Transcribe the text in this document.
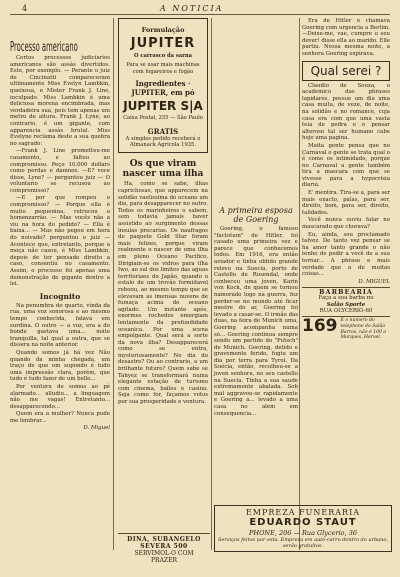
4	A NOTICIA
Processo americano

Certos processos judiciarios americanos são assás divertidos. Este, por exemplo. — Perante o juiz de Cincinatti compareceram ultimamente Miss Evelyn Lambkin, queixosa, e Mister Frank J. Line, inculpado. Miss Lambkin é uma deliciosa morena encimbrada, mas verdadeira sua, pois tem apenas um metro de altura. Frank J. Lyne, ao contrario, é um gigante, com apparencia assás brutal. Miss Evelyne reclama deste a sua quebra no sagrado:

—Frank J. Line prometteu-me casamento, e faltou ao compromisso. Peço 10.000 dollars como perdas e damnos. —E? voce disse, Lyne? — perguntou juiz — O voluntario se recusou ao compromisso?

—E por que rompeu o compromisso? — Porque ella é muito pequenina, retrucou o homenzarrão. — Mas vocês não a viu na hora do pedido? — Ella é baixa... — Mas não pegou em hora do noivado? perguntou o juiz — Acontece que, entretanto, porque a moça não casou, é Miss Lambkin, depois de ter pensado direito a caso, consentiu no casamento. Assim, o processo foi apenas uma demonstração de gigante dentro a lei.

Incognito

Na penumbra do quarto, vinda da rua, uma voz sonorosa e ao mesmo tempo conhecida, falava em surdina. O outro — a voz, era a do bonde gastava uma... noite tranquilla, tal qual a outra, que se dissera na noite anterior.

Quando somos já há vez Não quando da minha chegada, um traço de que em supondo é tudo uma impressão clara, porém, que tudo é tudo fazer de um bello...

Por ventura de somos ao pé alarmado... alludiu... a linguagem não me vagas! Entretanto... desapparecendo...

Quem era a mulher? Nunca pude me lembrar...

D. Miguel
Formulação
JUPITER
O carrasco da sarna
Para se usar mais machinas com fogareiros e fogão
Ingredientes · JUPITER, em pó
JUPITER S|A
Caixa Postal, 255 — São Paulo
GRATIS
A simples pedido receberá o Almanack Agricola 1935.
Os que viram nascer uma ilha

Ha, como se sabe, ilhas caprichosas, que apparecem na solidão vastissima do oceano um dia, para desapparecer no outro. Todos os marinheiros o sabem, sem todavia jamais haver assistido ao surgimento dessas insulas precarias. Os naufragos do paquete Gold Star foram mais felizes, porque viram realmente o nascer de uma ilha em pleno Oceano Pacifico. Dirigiam-se os vidros para ilha Iwo, ao sul dos limites das aguas territoriaes do Japão, quando o estalo de um trovão formidavel reboou, ao mesmo tempo que se elevavam as imensas nuvens de fumaça acima do oceano agitado. Um instante após, enormes rochedos emergiam lentamente da profundidade oceanica. Por uma scena empolgante. Qual será a sorte da nova ilha? Desapparecerá como se entra, mysteriosamente? No dia do desastre? Ou ao contrario, a um brilhante futuro? Quem sabe se Tahyez se transformará numa elegante estação de turismo com cinema, bailes e casino. Seja como for, façamos votos por sua prosperidade e ventura.

DINA, SUBANGELO
SEVERA 500
SERVIMOL-O COM
PRAZER
A primeira esposa de Goering

Goering, o famoso "factotum" de Hitler, foi casado uma primeira vez e parece que conhecemos todos. Em 1916, era então aviador e tinha obtido grande relevo na Suecia, porto de Castello de Rosendal, onde conheceu uma joven, Karin von Kock, de quem se tornou namorado logo na guerra, fez perder-se no mundo até ficar mestre do ar, Goering foi levado a casar-se. O irmão das duas, na feira de Munich uma, Goering acompanha numa só... Goering continua sempre sendo um partido do "Putsch" de Munich. Goering, detido e gravemente ferido, fugiu um dia por terra para Tyrol. Da Suécia, então, recolheu-se a joven senhora, no seu castello na Suecia. Tinha a sua saude extremamente abalada. Sob mal aggravou-se rapidamente e Goering a... levado a uma casa no alem em consequencia...

Era de Hitler e chamava Goering com urgencia a Berlim. —Deixe-me, vae, cumpre o seu dever! disse ella ao marido. Elle partiu. Nessa mesma noite, a senhora Goering expirava.

Qual serei ?

Claudio de Souza, o academico das phrases lapidares, possue um dia uma casa muita, de veze, de noite, na solidão e no romance, cuja casa era com que uma vasta teia de pedra e o pensar alteroso tal ser humano cabe hoje uma pagina.

Muita gente pensa que no Carnaval o gente se trata qual o é como os intimidado, porque no Carnaval a gente também tira a mascara com que se vivesse para a hypocrisia diaria.

E' mentira. Tira-se a, para ser mais exacto, palas, para ser, direito, bom, para ser, direito, talidades.

Você nunca ouviu falar no mascarado que chorava?

Eu, ainda, sou proclamado talvez. De tanto vez pensar se ha amor tanto grande o não tenho de pedir a você de a sua tornar... A phrase e mais verdade que a de muitas coisas...

D. MIGUEL
BARBEARIA
Faça a sua barba no
Salão Sporte
RUA OLYCERIO-60
169 E o numero do telephone do Salão Barros, não é 100 a Marques, Hervel.
EMPREZA FUNERARIA
EDUARDO STAUT
PHONE, 206 — Rua Glycerio, 36
Serviços feitos por esta. Empreza em auto-carro dentro do urbano, serão gratuitos.
